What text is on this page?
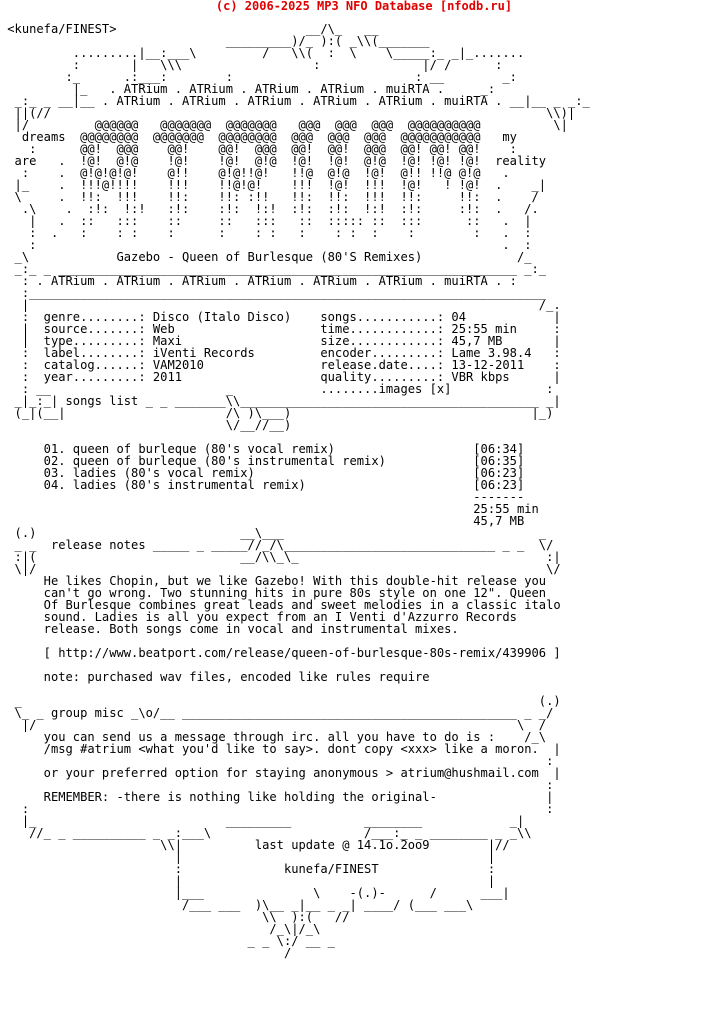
(c) 2006-2025 MP3 NFO Database [nfodb.ru]
<kunefa/FINEST>                          __/\_   __
_________)/_ ):( _\\(_______
.........|__:___\         /   \\(  :  \    \_____:_ _|_.......
:       |   \\\                  :              |/ /      :
:_      .:___:        :                         : __        _:
|_   . ATRium . ATRium . ATRium . ATRium . muiRTA .     _:
_:_ _ __|__ . ATRium . ATRium . ATRium . ATRium . ATRium . muiRTA . __|__ _ _:_
||(//                                                                    \\)|
|/         @@@@@@   @@@@@@@  @@@@@@@   @@@  @@@  @@@  @@@@@@@@@@          \|
dreams  @@@@@@@@  @@@@@@@  @@@@@@@@  @@@  @@@  @@@  @@@@@@@@@@@   my
:      @@!  @@@    @@!    @@!  @@@  @@!  @@!  @@@  @@! @@! @@!    :
are   .  !@!  @!@    !@!    !@!  @!@  !@!  !@!  @!@  !@! !@! !@!  reality
:    .  @!@!@!@!    @!!    @!@!!@!   !!@  @!@  !@!  @!! !!@ @!@   .
|_    .  !!!@!!!!    !!!    !!@!@!    !!!  !@!  !!!  !@!   ! !@!  .    _|
\     .  !!:  !!!    !!:    !!: :!!   !!:  !!:  !!!  !!:     !!:  .    /
.\    .  :!:  !:!   :!:    :!:  !:!  :!:  :!:  !:!  :!:     :!:  .   /.
|   .  ::   :::    ::     ::   :::   ::  ::::: ::  :::      ::   .  |
:  .   :    : :    :      :    : :   :    : :  :    :        :   .  :
:                                                                .  :
_\            Gazebo - Queen of Burlesque (80'S Remixes)             /_
_:_ _ _______________________________________________________________ _:_
: . ATRium . ATRium . ATRium . ATRium . ATRium . ATRium . muiRTA . :
:_______________________________________________________________________
|                                                                      /_.
:  genre........: Disco (Italo Disco)    songs...........: 04            |
|  source.......: Web                    time............: 25:55 min     :
|  type.........: Maxi                   size............: 45,7 MB       |
:  label........: iVenti Records         encoder.........: Lame 3.98.4   :
:  catalog......: VAM2010                release.date....: 13-12-2011    :
:  year.........: 2011                   quality.........: VBR kbps      |
: __                        _            ........images [x]             :
_|_:_| songs list _ _ _______\\_________________________________________ _|
(_|(__|                      /\ )\___)                                 |_)
\/__//__)

01. queen of burleque (80's vocal remix)                   [06:34]
02. queen of burleque (80's instrumental remix)            [06:35]
03. ladies (80's vocal remix)                              [06:23]
04. ladies (80's instrumental remix)                       [06:23]
-------
25:55 min
45,7 MB
(.)                            __\___                                   _
_ _  release notes _____ _ _____//_/\_____________________________ _ _  \/
:|(                            __/\\_\_                                  :|
\|/                                                                      \/
He likes Chopin, but we like Gazebo! With this double-hit release you
can't go wrong. Two stunning hits in pure 80s style on one 12". Queen
Of Burlesque combines great leads and sweet melodies in a classic italo
sound. Ladies is all you expect from an I Venti d'Azzurro Records
release. Both songs come in vocal and instrumental mixes.

[ http://www.beatport.com/release/queen-of-burlesque-80s-remix/439906 ]

note: purchased wav files, encoded like rules require

_                                                                       (.)
\_ _ group misc _\o/__ ______________________________________________ _ _/
|/                                                                  \  /
you can send us a message through irc. all you have to do is :    /_\
/msg #atrium <what you'd like to say>. dont copy <xxx> like a moron.  |
:
or your preferred option for staying anonymous > atrium@hushmail.com  |
:
REMEMBER: -there is nothing like holding the original-               |
:                                                                       :
|_                          _________          ________            _|
//_ _ __________ _ _:___\                     /___:_ _ ________ _ _\\
\\|          last update @ 14.1o.2oo9        |//
|                                          |
:              kunefa/FINEST               :
|                                          |
|___               \    -(.)-      /      ___|
/___ ___  )\__ _|__ _ _| ____/ (___ ___\
\\  ):(   //
/_\|/_\
_ _ \:/ __ _
/
